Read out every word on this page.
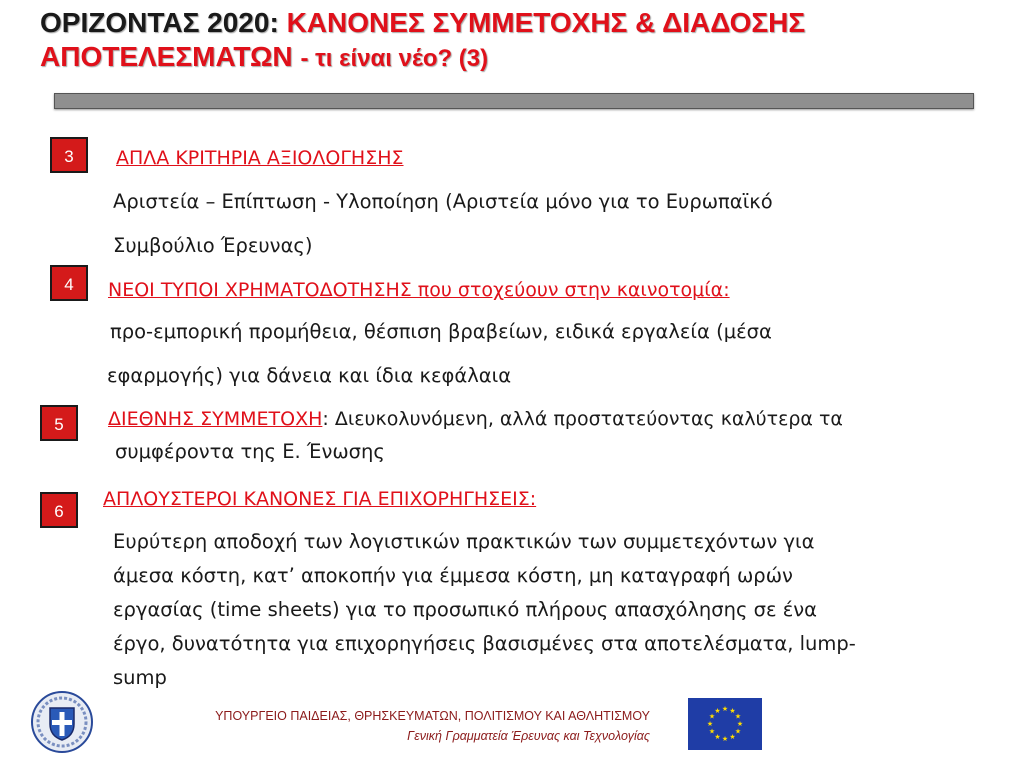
ΟΡΙΖΟΝΤΑΣ 2020: ΚΑΝΟΝΕΣ ΣΥΜΜΕΤΟΧΗΣ & ΔΙΑΔΟΣΗΣ
ΑΠΟΤΕΛΕΣΜΑΤΩΝ - τι είναι νέο? (3)
3	ΑΠΛΑ ΚΡΙΤΗΡΙΑ ΑΞΙΟΛΟΓΗΣΗΣ
Αριστεία – Επίπτωση - Υλοποίηση (Αριστεία μόνο για το Ευρωπαϊκό
Συμβούλιο Έρευνας)
4	ΝΕΟΙ ΤΥΠΟΙ ΧΡΗΜΑΤΟΔΟΤΗΣΗΣ που στοχεύουν στην καινοτομία:
προ-εμπορική προμήθεια, θέσπιση βραβείων, ειδικά εργαλεία (μέσα
εφαρμογής) για δάνεια και ίδια κεφάλαια
5	ΔΙΕΘΝΗΣ ΣΥΜΜΕΤΟΧΗ: Διευκολυνόμενη, αλλά προστατεύοντας καλύτερα τα
συμφέροντα της Ε. Ένωσης
6
ΑΠΛΟΥΣΤΕΡΟΙ ΚΑΝΟΝΕΣ ΓΙΑ ΕΠΙΧΟΡΗΓΗΣΕΙΣ:
Ευρύτερη αποδοχή των λογιστικών πρακτικών των συμμετεχόντων για
άμεσα κόστη, κατ’ αποκοπήν για έμμεσα κόστη, μη καταγραφή ωρών
εργασίας (time sheets) για το προσωπικό πλήρους απασχόλησης σε ένα
έργο, δυνατότητα για επιχορηγήσεις βασισμένες στα αποτελέσματα, lump-
sump
ΥΠΟΥΡΓΕΙΟ ΠΑΙΔΕΙΑΣ, ΘΡΗΣΚΕΥΜΑΤΩΝ, ΠΟΛΙΤΙΣΜΟΥ ΚΑΙ ΑΘΛΗΤΙΣΜΟΥ
Γενική Γραμματεία Έρευνας και Τεχνολογίας
★ ★
★
★
★
★
★
★
★
★
★
★
